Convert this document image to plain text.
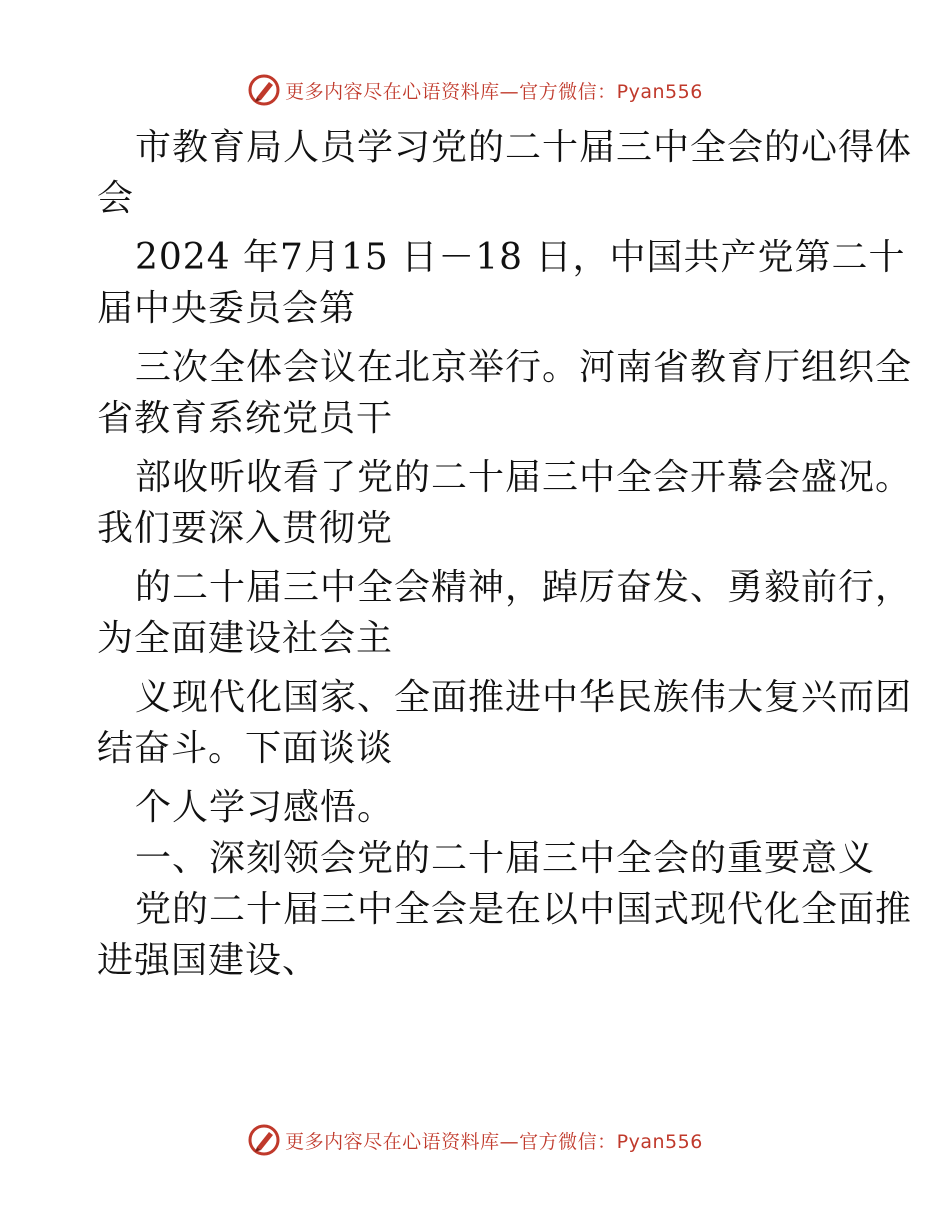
更多内容尽在心语资料库—官方微信：Pyan556
市教育局人员学习党的二十届三中全会的心得体
会
2024 年7月15 日－18 日，中国共产党第二十
届中央委员会第
三次全体会议在北京举行。河南省教育厅组织全
省教育系统党员干
部收听收看了党的二十届三中全会开幕会盛况。
我们要深入贯彻党
的二十届三中全会精神，踔厉奋发、勇毅前行，
为全面建设社会主
义现代化国家、全面推进中华民族伟大复兴而团
结奋斗。下面谈谈
个人学习感悟。
一、深刻领会党的二十届三中全会的重要意义
党的二十届三中全会是在以中国式现代化全面推
进强国建设、
更多内容尽在心语资料库—官方微信：Pyan556
